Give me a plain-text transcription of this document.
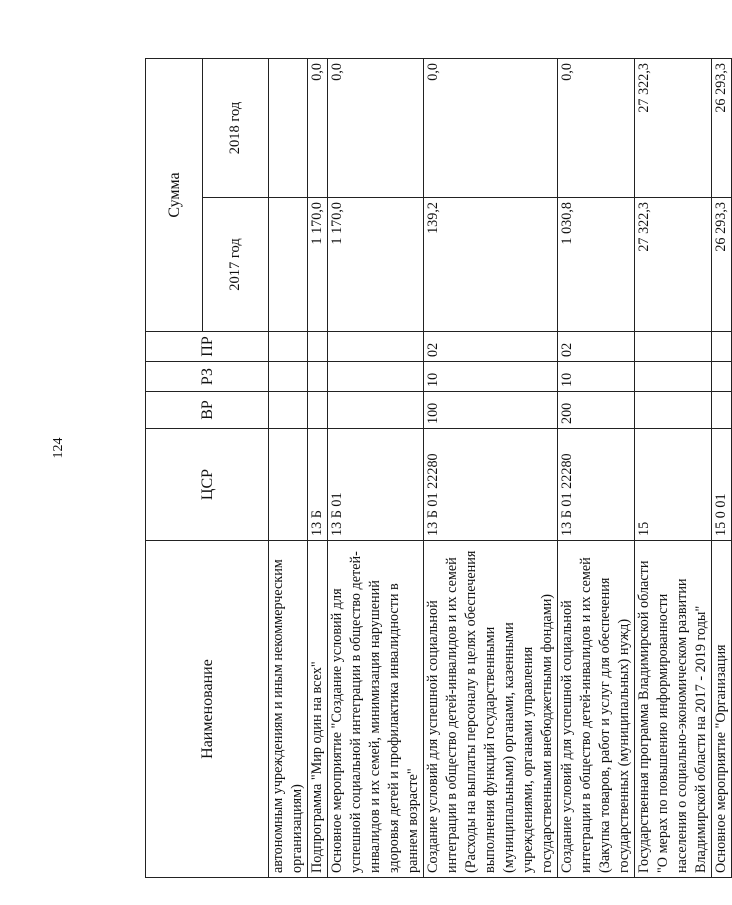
124
Наименование	ЦСР	ВР	РЗ	ПР	Сумма	
					2017 год	2018 год
автономным учреждениям и иным некоммерческим организациям)						
Подпрограмма "Мир один на всех"	13 Б				1 170,0	0,0
Основное мероприятие "Создание условий для успешной социальной интеграции в общество детей-инвалидов и их семей, минимизация нарушений здоровья детей и профилактика инвалидности в раннем возрасте"	13 Б 01				1 170,0	0,0
Создание условий для успешной социальной интеграции в общество детей-инвалидов и их семей (Расходы на выплаты персоналу в целях обеспечения выполнения функций государственными (муниципальными) органами, казенными учреждениями, органами управления государственными внебюджетными фондами)	13 Б 01 22280	100	10	02	139,2	0,0
Создание условий для успешной социальной интеграции в общество детей-инвалидов и их семей (Закупка товаров, работ и услуг для обеспечения государственных (муниципальных) нужд)	13 Б 01 22280	200	10	02	1 030,8	0,0
Государственная программа Владимирской области "О мерах по повышению информированности населения о социально-экономическом развитии Владимирской области на 2017 - 2019 годы"	15				27 322,3	27 322,3
Основное мероприятие "Организация	15 0 01				26 293,3	26 293,3
